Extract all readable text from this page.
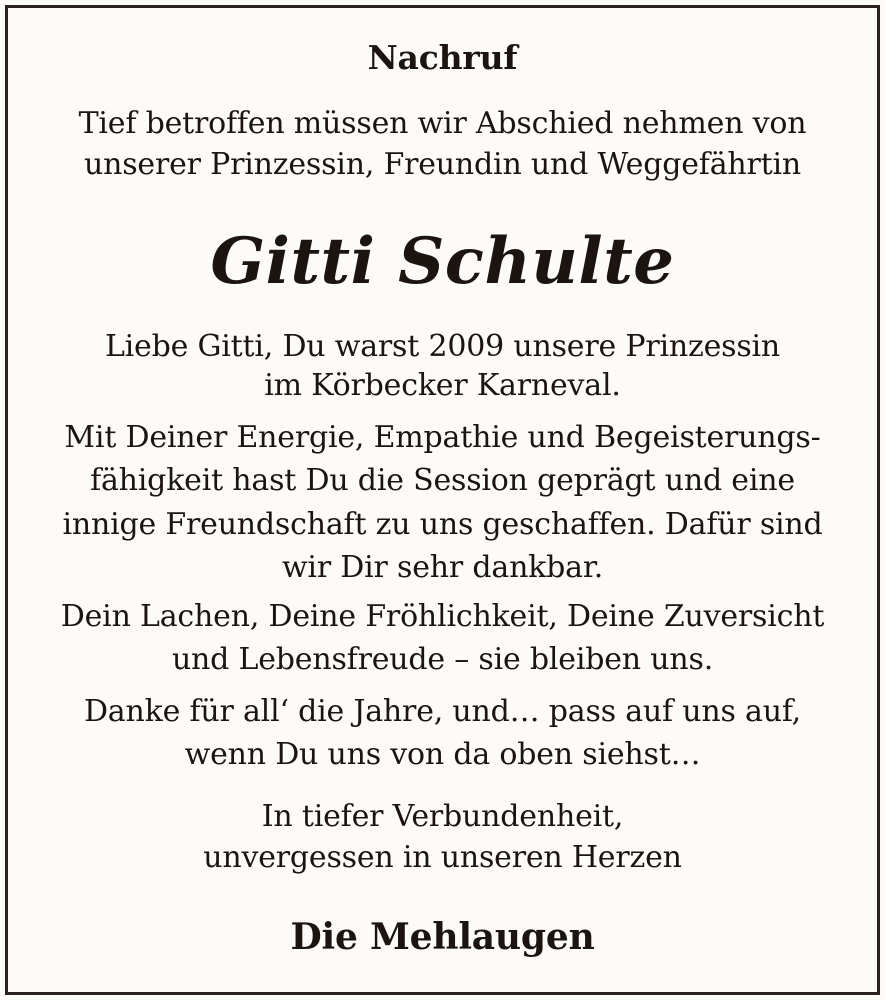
Nachruf
Tief betroffen müssen wir Abschied nehmen von
unserer Prinzessin, Freundin und Weggefährtin
Gitti Schulte
Liebe Gitti, Du warst 2009 unsere Prinzessin
im Körbecker Karneval.
Mit Deiner Energie, Empathie und Begeisterungs-
fähigkeit hast Du die Session geprägt und eine
innige Freundschaft zu uns geschaffen. Dafür sind
wir Dir sehr dankbar.
Dein Lachen, Deine Fröhlichkeit, Deine Zuversicht
und Lebensfreude – sie bleiben uns.
Danke für all‘ die Jahre, und… pass auf uns auf,
wenn Du uns von da oben siehst…
In tiefer Verbundenheit,
unvergessen in unseren Herzen
Die Mehlaugen
